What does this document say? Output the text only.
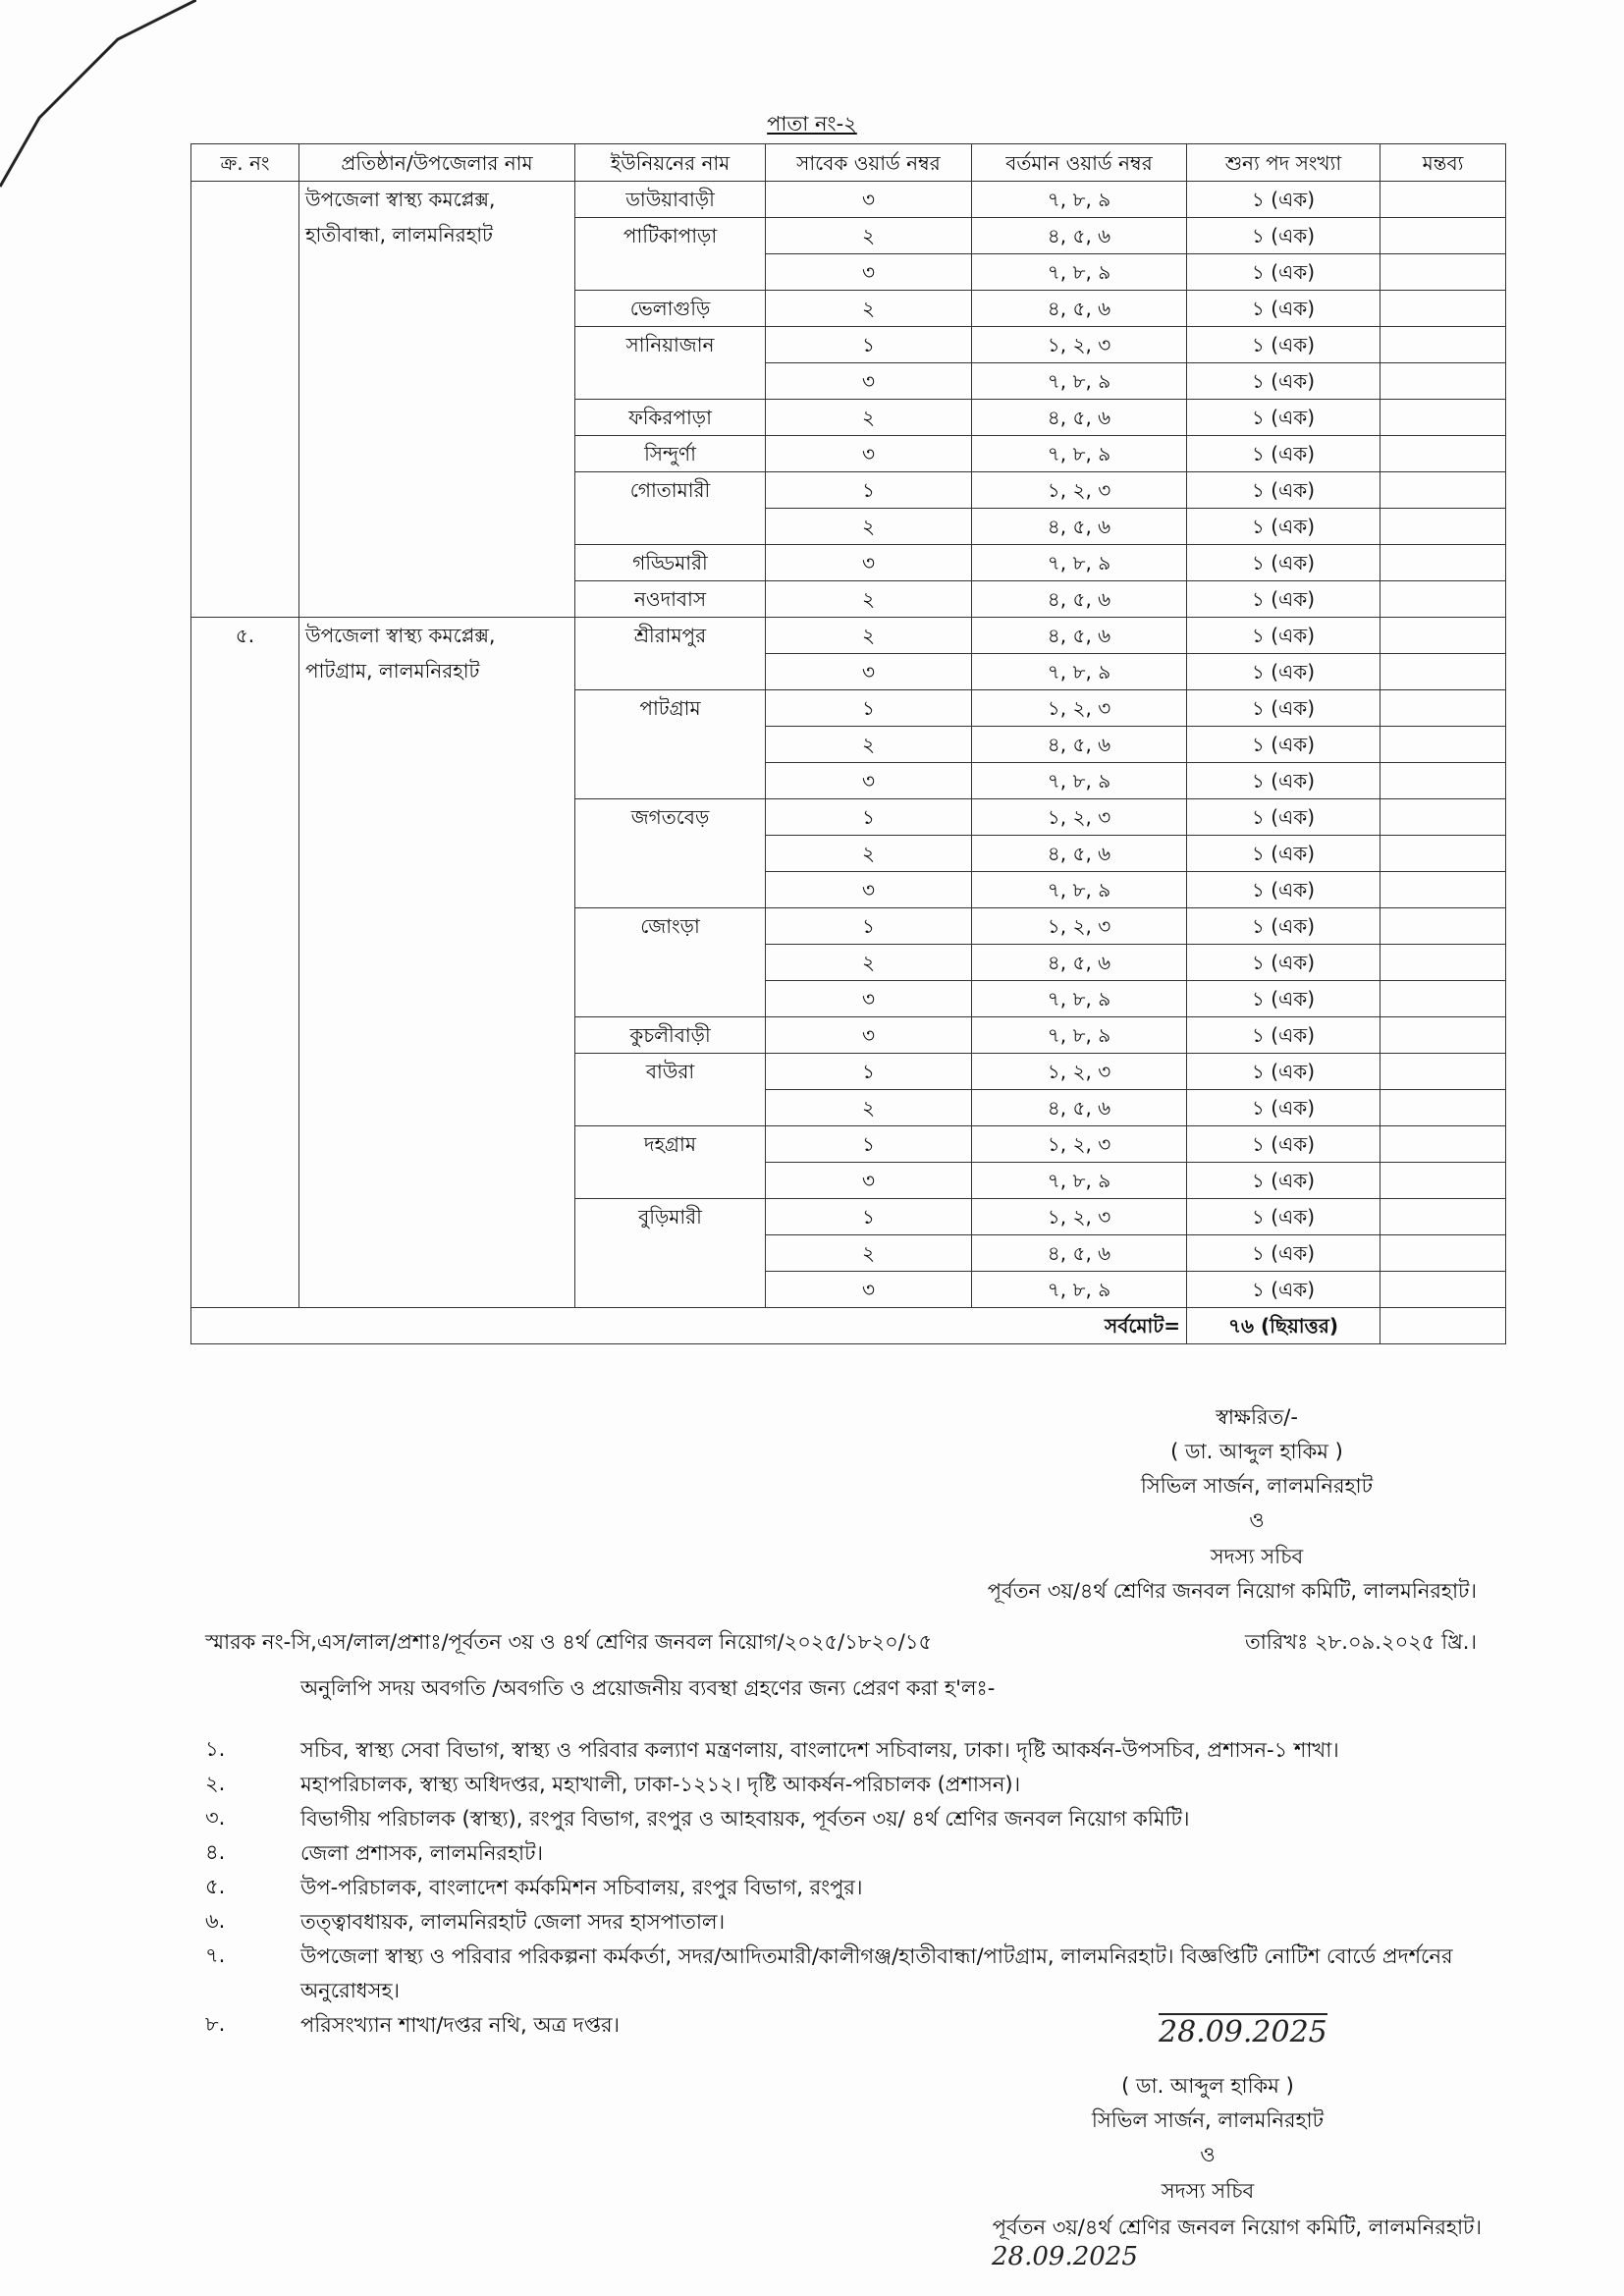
পাতা নং-২
ক্র. নং	প্রতিষ্ঠান/উপজেলার নাম	ইউনিয়নের নাম	সাবেক ওয়ার্ড নম্বর	বর্তমান ওয়ার্ড নম্বর	শুন্য পদ সংখ্যা	মন্তব্য
	উপজেলা স্বাস্থ্য কমপ্লেক্স, হাতীবান্ধা, লালমনিরহাট	ডাউয়াবাড়ী	৩	৭, ৮, ৯	১ (এক)	
		পাটিকাপাড়া	২	৪, ৫, ৬	১ (এক)	
			৩	৭, ৮, ৯	১ (এক)	
		ভেলাগুড়ি	২	৪, ৫, ৬	১ (এক)	
		সানিয়াজান	১	১, ২, ৩	১ (এক)	
			৩	৭, ৮, ৯	১ (এক)	
		ফকিরপাড়া	২	৪, ৫, ৬	১ (এক)	
		সিন্দুর্ণা	৩	৭, ৮, ৯	১ (এক)	
		গোতামারী	১	১, ২, ৩	১ (এক)	
			২	৪, ৫, ৬	১ (এক)	
		গড্ডিমারী	৩	৭, ৮, ৯	১ (এক)	
		নওদাবাস	২	৪, ৫, ৬	১ (এক)	
৫.	উপজেলা স্বাস্থ্য কমপ্লেক্স, পাটগ্রাম, লালমনিরহাট	শ্রীরামপুর	২	৪, ৫, ৬	১ (এক)	
			৩	৭, ৮, ৯	১ (এক)	
		পাটগ্রাম	১	১, ২, ৩	১ (এক)	
			২	৪, ৫, ৬	১ (এক)	
			৩	৭, ৮, ৯	১ (এক)	
		জগতবেড়	১	১, ২, ৩	১ (এক)	
			২	৪, ৫, ৬	১ (এক)	
			৩	৭, ৮, ৯	১ (এক)	
		জোংড়া	১	১, ২, ৩	১ (এক)	
			২	৪, ৫, ৬	১ (এক)	
			৩	৭, ৮, ৯	১ (এক)	
		কুচলীবাড়ী	৩	৭, ৮, ৯	১ (এক)	
		বাউরা	১	১, ২, ৩	১ (এক)	
			২	৪, ৫, ৬	১ (এক)	
		দহগ্রাম	১	১, ২, ৩	১ (এক)	
			৩	৭, ৮, ৯	১ (এক)	
		বুড়িমারী	১	১, ২, ৩	১ (এক)	
			২	৪, ৫, ৬	১ (এক)	
			৩	৭, ৮, ৯	১ (এক)	
সর্বমোট=					৭৬ (ছিয়াত্তর)	
স্বাক্ষরিত/-
( ডা. আব্দুল হাকিম )
সিভিল সার্জন, লালমনিরহাট
ও
সদস্য সচিব
পূর্বতন ৩য়/৪র্থ শ্রেণির জনবল নিয়োগ কমিটি, লালমনিরহাট।
স্মারক নং-সি,এস/লাল/প্রশাঃ/পূর্বতন ৩য় ও ৪র্থ শ্রেণির জনবল নিয়োগ/২০২৫/১৮২০/১৫	তারিখঃ ২৮.০৯.২০২৫ খ্রি.।
অনুলিপি সদয় অবগতি /অবগতি ও প্রয়োজনীয় ব্যবস্থা গ্রহণের জন্য প্রেরণ করা হ'লঃ-
১.	সচিব, স্বাস্থ্য সেবা বিভাগ, স্বাস্থ্য ও পরিবার কল্যাণ মন্ত্রণলায়, বাংলাদেশ সচিবালয়, ঢাকা। দৃষ্টি আকর্ষন-উপসচিব, প্রশাসন-১ শাখা।
২.	মহাপরিচালক, স্বাস্থ্য অধিদপ্তর, মহাখালী, ঢাকা-১২১২। দৃষ্টি আকর্ষন-পরিচালক (প্রশাসন)।
৩.	বিভাগীয় পরিচালক (স্বাস্থ্য), রংপুর বিভাগ, রংপুর ও আহবায়ক, পূর্বতন ৩য়/ ৪র্থ শ্রেণির জনবল নিয়োগ কমিটি।
৪.	জেলা প্রশাসক, লালমনিরহাট।
৫.	উপ-পরিচালক, বাংলাদেশ কর্মকমিশন সচিবালয়, রংপুর বিভাগ, রংপুর।
৬.	তত্ত্বাবধায়ক, লালমনিরহাট জেলা সদর হাসপাতাল।
৭.	উপজেলা স্বাস্থ্য ও পরিবার পরিকল্পনা কর্মকর্তা, সদর/আদিতমারী/কালীগঞ্জ/হাতীবান্ধা/পাটগ্রাম, লালমনিরহাট। বিজ্ঞপ্তিটি নোটিশ বোর্ডে প্রদর্শনের অনুরোধসহ।
৮.	পরিসংখ্যান শাখা/দপ্তর নথি, অত্র দপ্তর।	28.09.2025
( ডা. আব্দুল হাকিম )
সিভিল সার্জন, লালমনিরহাট
ও
সদস্য সচিব
পূর্বতন ৩য়/৪র্থ শ্রেণির জনবল নিয়োগ কমিটি, লালমনিরহাট।
28.09.2025
